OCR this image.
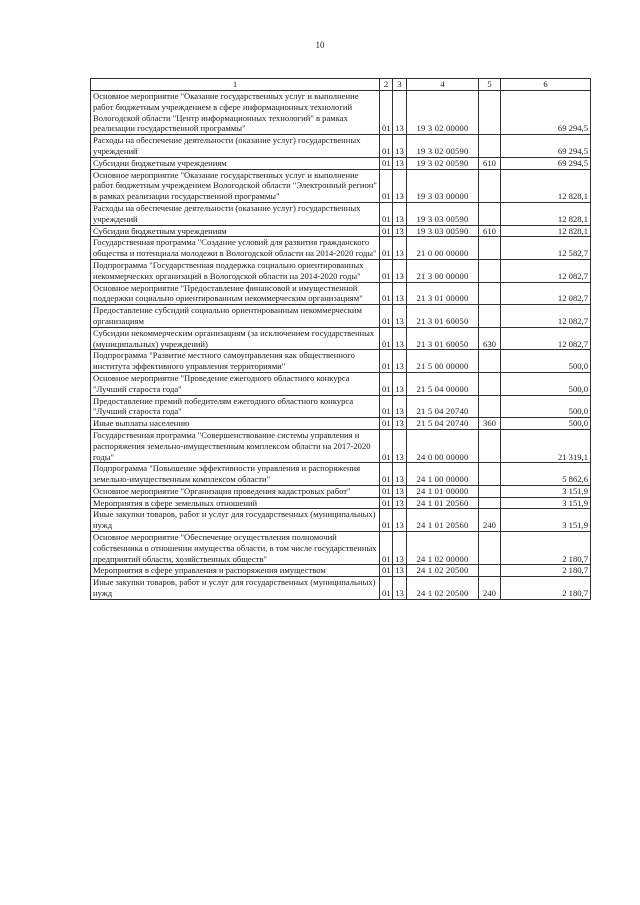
10
1	2	3	4	5	6
Основное мероприятие "Оказание государственных услуг и выполнение работ бюджетным учреждением в сфере информационных технологий Вологодской области "Центр информационных технологий" в рамках реализации государственной программы"	01	13	19 3 02 00000		69 294,5
Расходы на обеспечение деятельности (оказание услуг) государственных учреждений	01	13	19 3 02 00590		69 294,5
Субсидии бюджетным учреждениям	01	13	19 3 02 00590	610	69 294,5
Основное мероприятие "Оказание государственных услуг и выполнение работ бюджетным учреждением Вологодской области "Электронный регион" в рамках реализации государственной программы"	01	13	19 3 03 00000		12 828,1
Расходы на обеспечение деятельности (оказание услуг) государственных учреждений	01	13	19 3 03 00590		12 828,1
Субсидии бюджетным учреждениям	01	13	19 3 03 00590	610	12 828,1
Государственная программа "Создание условий для развития гражданского общества и потенциала молодежи в Вологодской области на 2014-2020 годы"	01	13	21 0 00 00000		12 582,7
Подпрограмма "Государственная поддержка социально ориентированных некоммерческих организаций в Вологодской области на 2014-2020 годы"	01	13	21 3 00 00000		12 082,7
Основное мероприятие "Предоставление финансовой и имущественной поддержки социально ориентированным некоммерческим организациям"	01	13	21 3 01 00000		12 082,7
Предоставление субсидий социально ориентированным некоммерческим организациям	01	13	21 3 01 60050		12 082,7
Субсидии некоммерческим организациям (за исключением государственных (муниципальных) учреждений)	01	13	21 3 01 60050	630	12 082,7
Подпрограмма "Развитие местного самоуправления как общественного института эффективного управления территориями"	01	13	21 5 00 00000		500,0
Основное мероприятие "Проведение ежегодного областного конкурса "Лучший староста года"	01	13	21 5 04 00000		500,0
Предоставление премий победителям ежегодного областного конкурса "Лучший староста года"	01	13	21 5 04 20740		500,0
Иные выплаты населению	01	13	21 5 04 20740	360	500,0
Государственная программа "Совершенствование системы управления и распоряжения земельно-имущественным комплексом области на 2017-2020 годы"	01	13	24 0 00 00000		21 319,1
Подпрограмма "Повышение эффективности управления и распоряжения земельно-имущественным комплексом области"	01	13	24 1 00 00000		5 862,6
Основное мероприятие "Организация проведения кадастровых работ"	01	13	24 1 01 00000		3 151,9
Мероприятия в сфере земельных отношений	01	13	24 1 01 20560		3 151,9
Иные закупки товаров, работ и услуг для государственных (муниципальных) нужд	01	13	24 1 01 20560	240	3 151,9
Основное мероприятие "Обеспечение осуществления полномочий собственника в отношении имущества области, в том числе государственных предприятий области, хозяйственных обществ"	01	13	24 1 02 00000		2 180,7
Мероприятия в сфере управления и распоряжения имуществом	01	13	24 1 02 20500		2 180,7
Иные закупки товаров, работ и услуг для государственных (муниципальных) нужд	01	13	24 1 02 20500	240	2 180,7
